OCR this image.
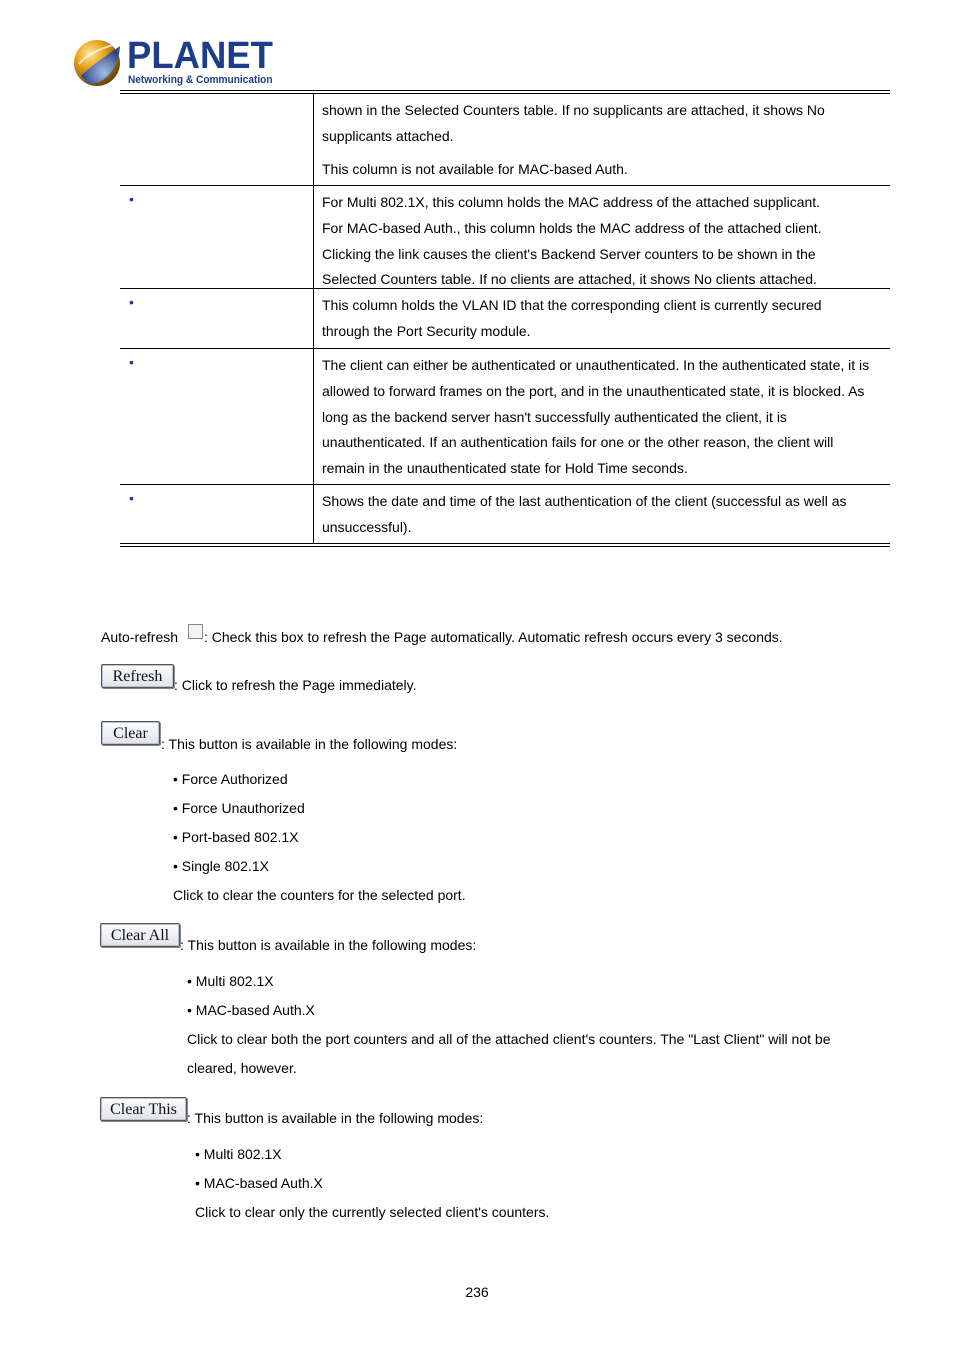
PLANET
Networking & Communication

shown in the Selected Counters table. If no supplicants are attached, it shows No

supplicants attached.

This column is not available for MAC-based Auth.

•	For Multi 802.1X, this column holds the MAC address of the attached supplicant.

For MAC-based Auth., this column holds the MAC address of the attached client.

Clicking the link causes the client's Backend Server counters to be shown in the

Selected Counters table. If no clients are attached, it shows No clients attached.

•	This column holds the VLAN ID that the corresponding client is currently secured

through the Port Security module.

•	The client can either be authenticated or unauthenticated. In the authenticated state, it is

allowed to forward frames on the port, and in the unauthenticated state, it is blocked. As

long as the backend server hasn't successfully authenticated the client, it is

unauthenticated. If an authentication fails for one or the other reason, the client will

remain in the unauthenticated state for Hold Time seconds.

•	Shows the date and time of the last authentication of the client (successful as well as

unsuccessful).

Auto-refresh : Check this box to refresh the Page automatically. Automatic refresh occurs every 3 seconds.
Refresh : Click to refresh the Page immediately.
Clear
: This button is available in the following modes:
• Force Authorized
• Force Unauthorized
• Port-based 802.1X
• Single 802.1X
Click to clear the counters for the selected port.
Clear All
: This button is available in the following modes:
• Multi 802.1X
• MAC-based Auth.X
Click to clear both the port counters and all of the attached client's counters. The "Last Client" will not be
cleared, however.
Clear This : This button is available in the following modes:
• Multi 802.1X
• MAC-based Auth.X
Click to clear only the currently selected client's counters.
236
